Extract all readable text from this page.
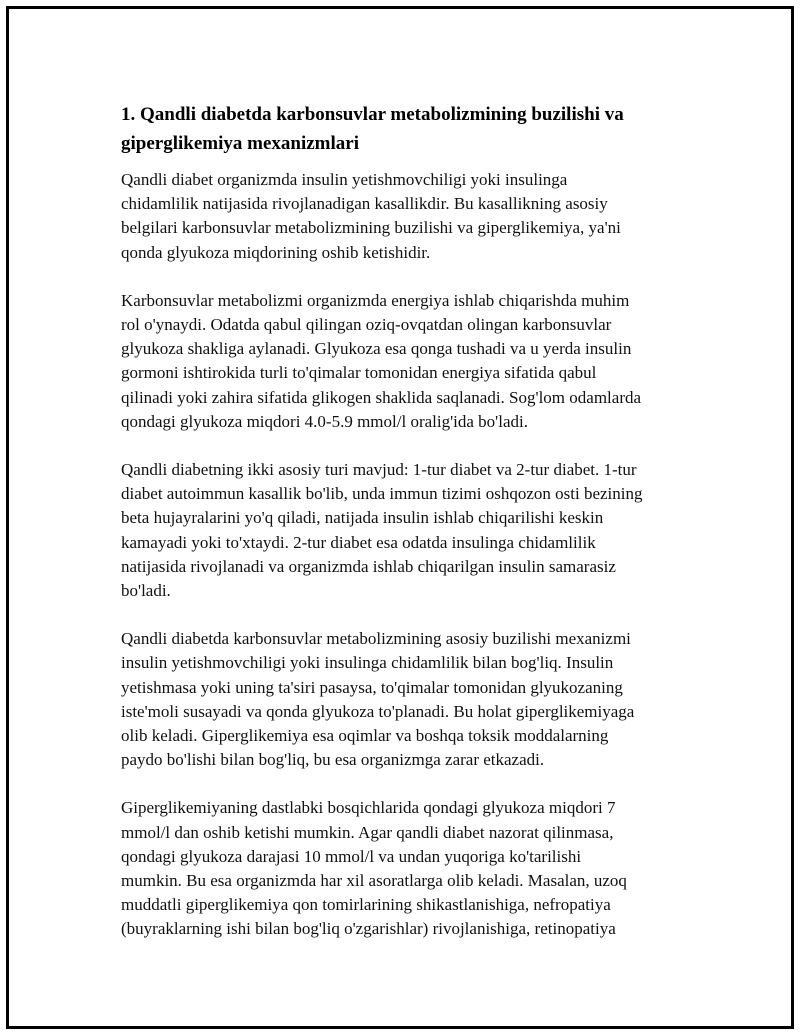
1. Qandli diabetda karbonsuvlar metabolizmining buzilishi va
giperglikemiya mexanizmlari

Qandli diabet organizmda insulin yetishmovchiligi yoki insulinga
chidamlilik natijasida rivojlanadigan kasallikdir. Bu kasallikning asosiy
belgilari karbonsuvlar metabolizmining buzilishi va giperglikemiya, ya'ni
qonda glyukoza miqdorining oshib ketishidir.

Karbonsuvlar metabolizmi organizmda energiya ishlab chiqarishda muhim
rol o'ynaydi. Odatda qabul qilingan oziq-ovqatdan olingan karbonsuvlar
glyukoza shakliga aylanadi. Glyukoza esa qonga tushadi va u yerda insulin
gormoni ishtirokida turli to'qimalar tomonidan energiya sifatida qabul
qilinadi yoki zahira sifatida glikogen shaklida saqlanadi. Sog'lom odamlarda
qondagi glyukoza miqdori 4.0-5.9 mmol/l oralig'ida bo'ladi.

Qandli diabetning ikki asosiy turi mavjud: 1-tur diabet va 2-tur diabet. 1-tur
diabet autoimmun kasallik bo'lib, unda immun tizimi oshqozon osti bezining
beta hujayralarini yo'q qiladi, natijada insulin ishlab chiqarilishi keskin
kamayadi yoki to'xtaydi. 2-tur diabet esa odatda insulinga chidamlilik
natijasida rivojlanadi va organizmda ishlab chiqarilgan insulin samarasiz
bo'ladi.

Qandli diabetda karbonsuvlar metabolizmining asosiy buzilishi mexanizmi
insulin yetishmovchiligi yoki insulinga chidamlilik bilan bog'liq. Insulin
yetishmasa yoki uning ta'siri pasaysa, to'qimalar tomonidan glyukozaning
iste'moli susayadi va qonda glyukoza to'planadi. Bu holat giperglikemiyaga
olib keladi. Giperglikemiya esa oqimlar va boshqa toksik moddalarning
paydo bo'lishi bilan bog'liq, bu esa organizmga zarar etkazadi.

Giperglikemiyaning dastlabki bosqichlarida qondagi glyukoza miqdori 7
mmol/l dan oshib ketishi mumkin. Agar qandli diabet nazorat qilinmasa,
qondagi glyukoza darajasi 10 mmol/l va undan yuqoriga ko'tarilishi
mumkin. Bu esa organizmda har xil asoratlarga olib keladi. Masalan, uzoq
muddatli giperglikemiya qon tomirlarining shikastlanishiga, nefropatiya
(buyraklarning ishi bilan bog'liq o'zgarishlar) rivojlanishiga, retinopatiya
